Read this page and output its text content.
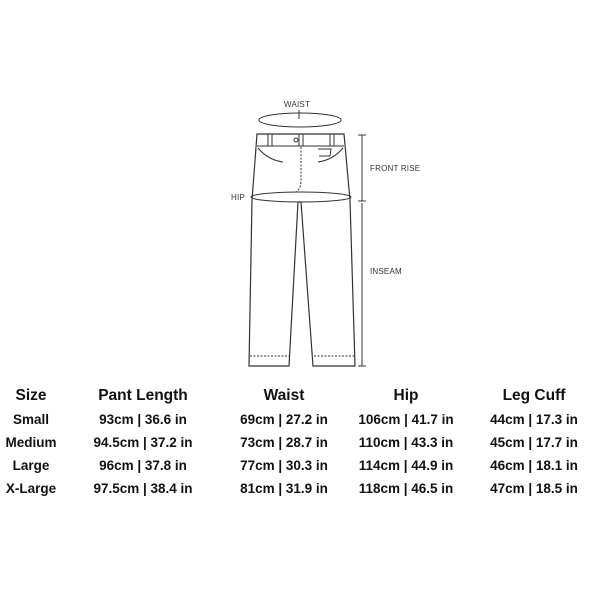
WAIST
HIP
FRONT RISE
INSEAM
Size	Pant Length	Waist	Hip	Leg Cuff
Small	93cm | 36.6 in	69cm | 27.2 in	106cm | 41.7 in	44cm | 17.3 in
Medium	94.5cm | 37.2 in	73cm | 28.7 in	110cm | 43.3 in	45cm | 17.7 in
Large	96cm | 37.8 in	77cm | 30.3 in	114cm | 44.9 in	46cm | 18.1 in
X-Large	97.5cm | 38.4 in	81cm | 31.9 in	118cm | 46.5 in	47cm | 18.5 in
